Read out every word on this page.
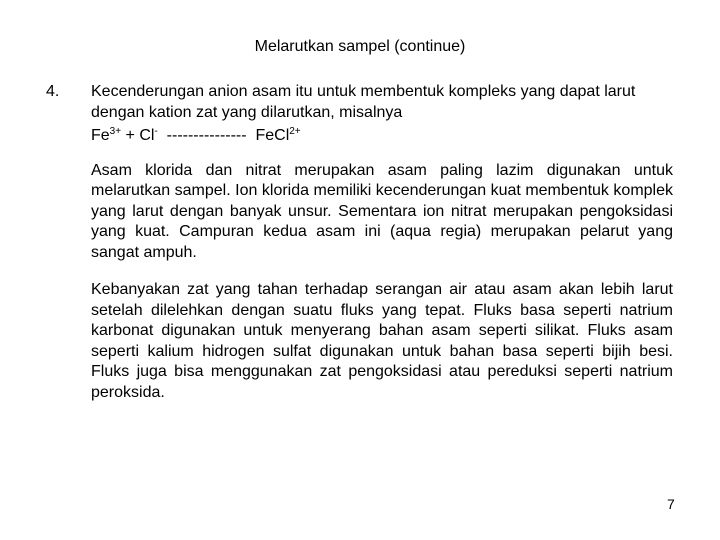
Melarutkan sampel (continue)
4. Kecenderungan anion asam itu untuk membentuk kompleks yang dapat larut dengan kation zat yang dilarutkan, misalnya

$Fe^{3+} + Cl^-$  ---------------  FeCl$^{2+}$

Asam klorida dan nitrat merupakan asam paling lazim digunakan untuk melarutkan sampel. Ion klorida memiliki kecenderungan kuat membentuk komplek yang larut dengan banyak unsur. Sementara ion nitrat merupakan pengoksidasi yang kuat. Campuran kedua asam ini (aqua regia) merupakan pelarut yang sangat ampuh.

Kebanyakan zat yang tahan terhadap serangan air atau asam akan lebih larut setelah dilelehkan dengan suatu fluks yang tepat. Fluks basa seperti natrium karbonat digunakan untuk menyerang bahan asam seperti silikat. Fluks asam seperti kalium hidrogen sulfat digunakan untuk bahan basa seperti bijih besi. Fluks juga bisa menggunakan zat pengoksidasi atau pereduksi seperti natrium peroksida.

7
